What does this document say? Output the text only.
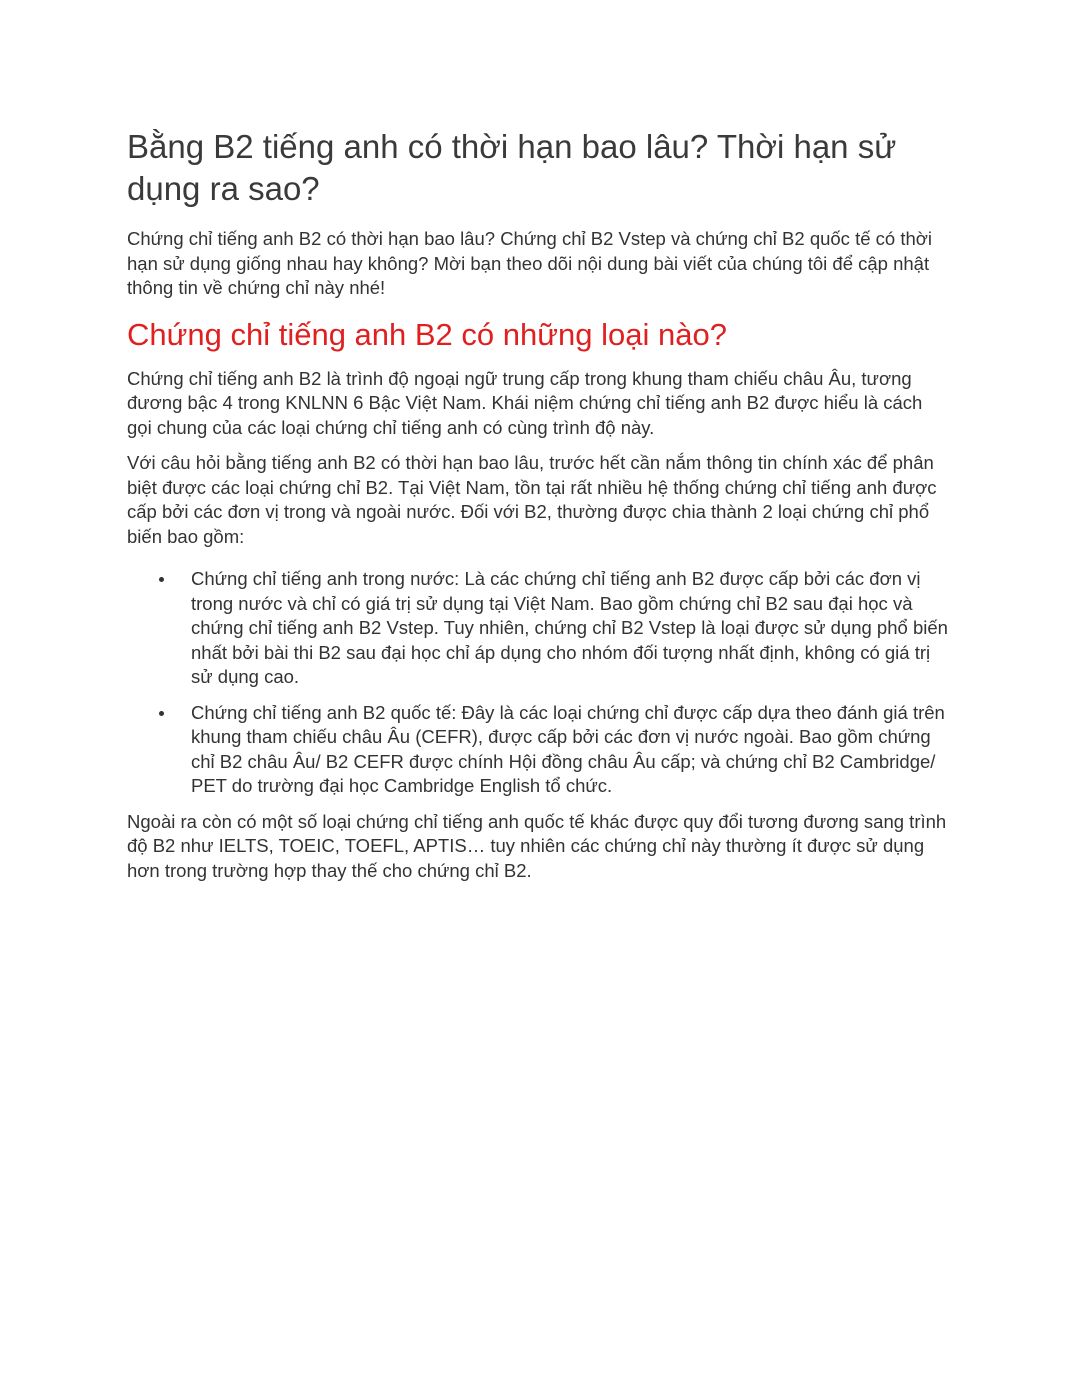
Bằng B2 tiếng anh có thời hạn bao lâu? Thời hạn sử dụng ra sao?

Chứng chỉ tiếng anh B2 có thời hạn bao lâu? Chứng chỉ B2 Vstep và chứng chỉ B2 quốc tế có thời hạn sử dụng giống nhau hay không? Mời bạn theo dõi nội dung bài viết của chúng tôi để cập nhật thông tin về chứng chỉ này nhé!

Chứng chỉ tiếng anh B2 có những loại nào?

Chứng chỉ tiếng anh B2 là trình độ ngoại ngữ trung cấp trong khung tham chiếu châu Âu, tương đương bậc 4 trong KNLNN 6 Bậc Việt Nam. Khái niệm chứng chỉ tiếng anh B2 được hiểu là cách gọi chung của các loại chứng chỉ tiếng anh có cùng trình độ này.

Với câu hỏi bằng tiếng anh B2 có thời hạn bao lâu, trước hết cần nắm thông tin chính xác để phân biệt được các loại chứng chỉ B2. Tại Việt Nam, tồn tại rất nhiều hệ thống chứng chỉ tiếng anh được cấp bởi các đơn vị trong và ngoài nước. Đối với B2, thường được chia thành 2 loại chứng chỉ phổ biến bao gồm:

Chứng chỉ tiếng anh trong nước: Là các chứng chỉ tiếng anh B2 được cấp bởi các đơn vị trong nước và chỉ có giá trị sử dụng tại Việt Nam. Bao gồm chứng chỉ B2 sau đại học và chứng chỉ tiếng anh B2 Vstep. Tuy nhiên, chứng chỉ B2 Vstep là loại được sử dụng phổ biến nhất bởi bài thi B2 sau đại học chỉ áp dụng cho nhóm đối tượng nhất định, không có giá trị sử dụng cao.
Chứng chỉ tiếng anh B2 quốc tế: Đây là các loại chứng chỉ được cấp dựa theo đánh giá trên khung tham chiếu châu Âu (CEFR), được cấp bởi các đơn vị nước ngoài. Bao gồm chứng chỉ B2 châu Âu/ B2 CEFR được chính Hội đồng châu Âu cấp; và chứng chỉ B2 Cambridge/ PET do trường đại học Cambridge English tổ chức.

Ngoài ra còn có một số loại chứng chỉ tiếng anh quốc tế khác được quy đổi tương đương sang trình độ B2 như IELTS, TOEIC, TOEFL, APTIS… tuy nhiên các chứng chỉ này thường ít được sử dụng hơn trong trường hợp thay thế cho chứng chỉ B2.
